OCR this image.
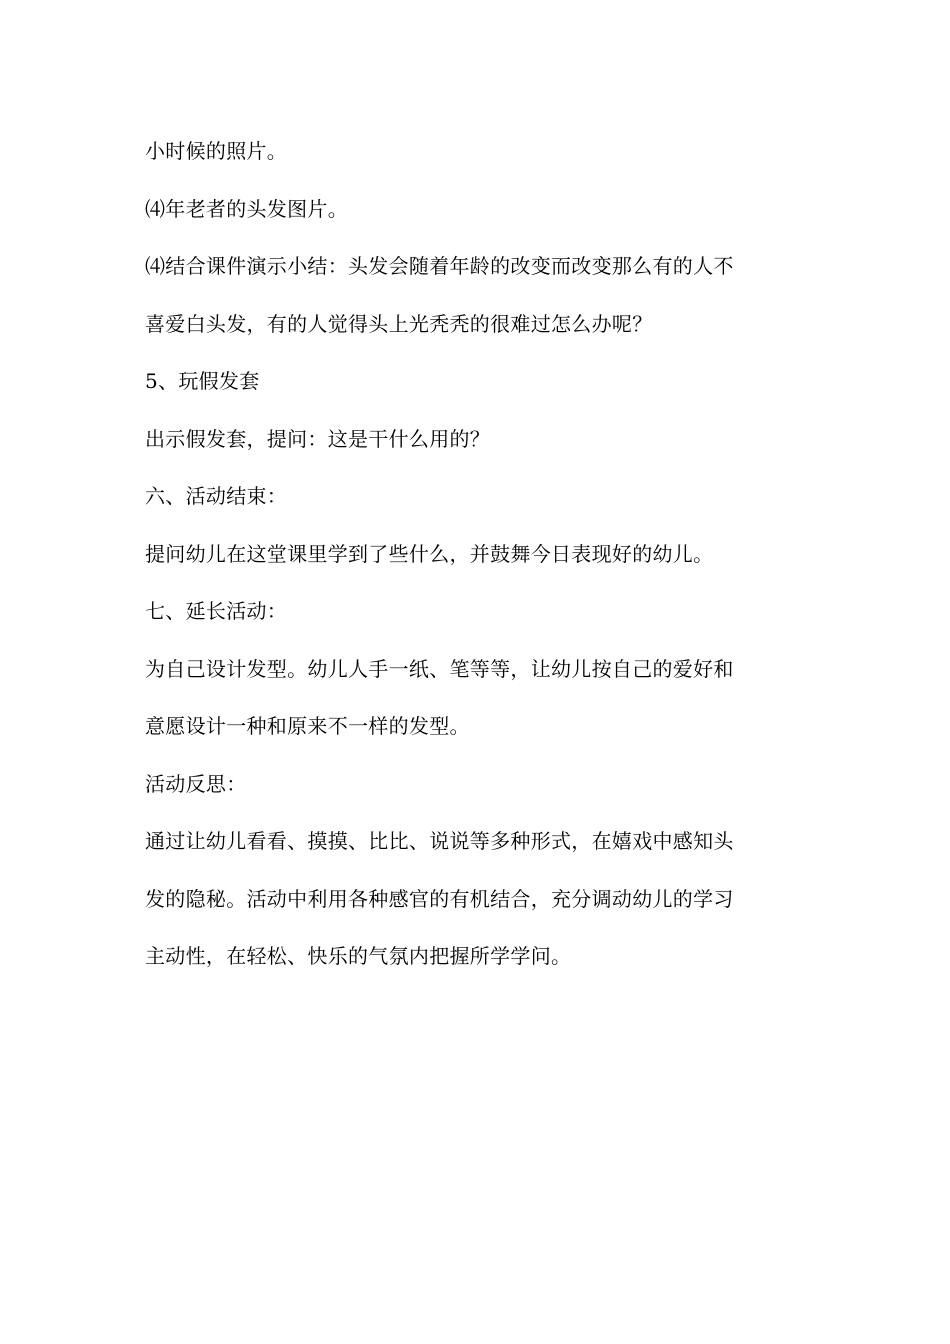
小时候的照片。
⑷年老者的头发图片。
⑷结合课件演示小结：头发会随着年龄的改变而改变那么有的人不
喜爱白头发，有的人觉得头上光秃秃的很难过怎么办呢？
5、玩假发套
出示假发套，提问：这是干什么用的？
六、活动结束：
提问幼儿在这堂课里学到了些什么，并鼓舞今日表现好的幼儿。
七、延长活动：
为自己设计发型。幼儿人手一纸、笔等等，让幼儿按自己的爱好和
意愿设计一种和原来不一样的发型。
活动反思：
通过让幼儿看看、摸摸、比比、说说等多种形式，在嬉戏中感知头
发的隐秘。活动中利用各种感官的有机结合，充分调动幼儿的学习
主动性，在轻松、快乐的气氛内把握所学学问。
